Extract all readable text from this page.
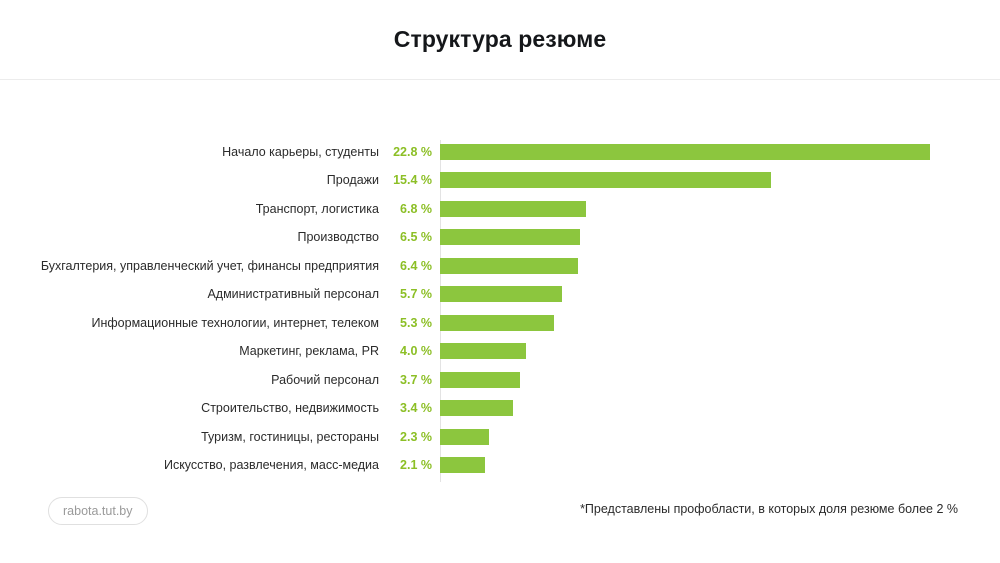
Структура резюме
Начало карьеры, студенты	22.8 %
Продажи	15.4 %
Транспорт, логистика	6.8 %
Производство	6.5 %
Бухгалтерия, управленческий учет, финансы предприятия	6.4 %
Административный персонал	5.7 %
Информационные технологии, интернет, телеком	5.3 %
Маркетинг, реклама, PR	4.0 %
Рабочий персонал	3.7 %
Строительство, недвижимость	3.4 %
Туризм, гостиницы, рестораны	2.3 %
Искусство, развлечения, масс-медиа	2.1 %
rabota.tut.by	*Представлены профобласти, в которых доля резюме более 2 %
